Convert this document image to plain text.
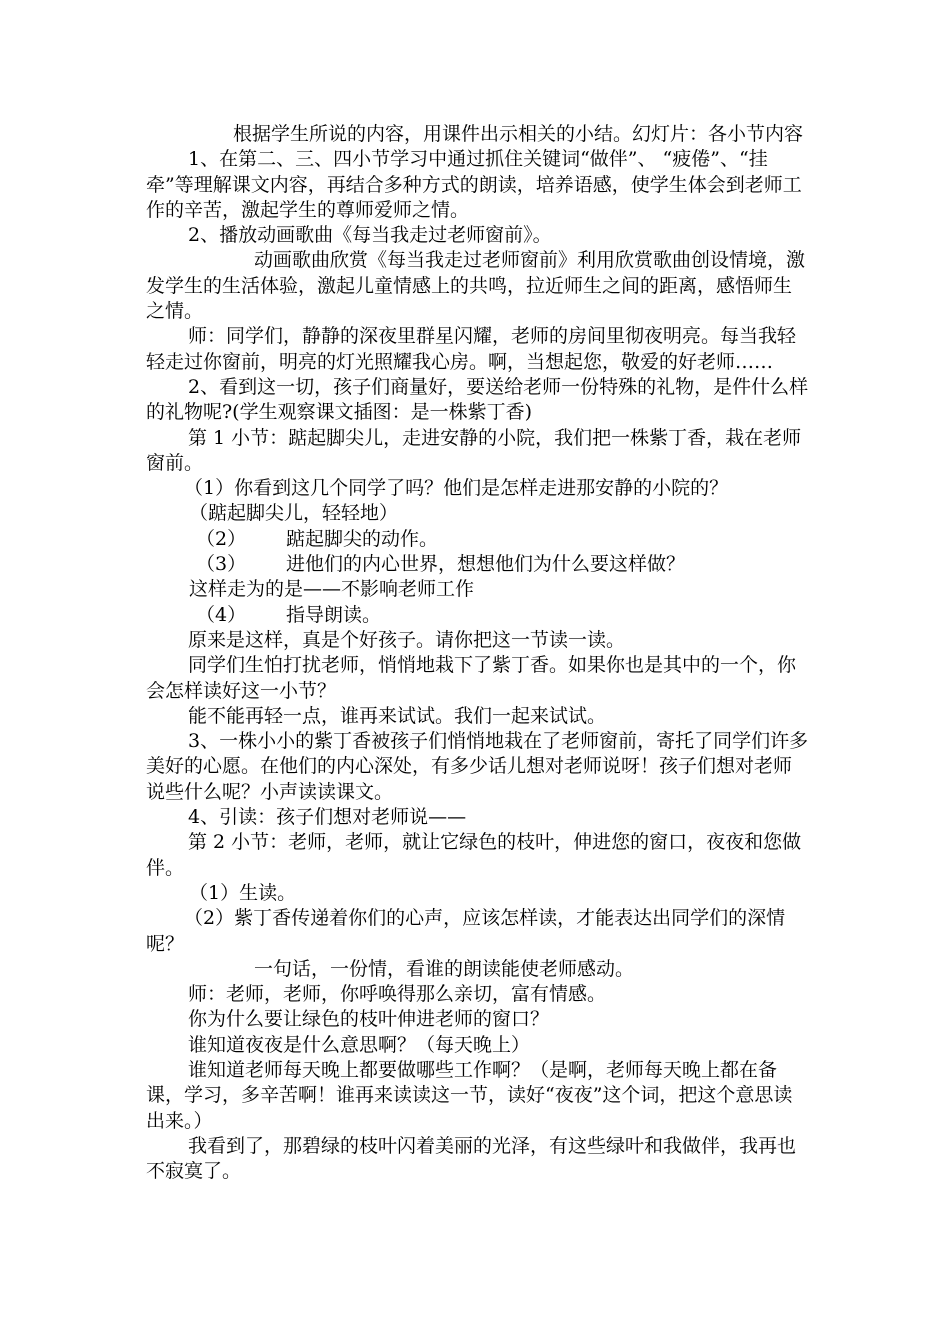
根据学生所说的内容，用课件出示相关的小结。幻灯片：各小节内容

1、在第二、三、四小节学习中通过抓住关键词“做伴”、 “疲倦”、“挂牵”等理解课文内容，再结合多种方式的朗读，培养语感，使学生体会到老师工作的辛苦，激起学生的尊师爱师之情。

2、播放动画歌曲《每当我走过老师窗前》。

动画歌曲欣赏《每当我走过老师窗前》利用欣赏歌曲创设情境，激发学生的生活体验，激起儿童情感上的共鸣，拉近师生之间的距离，感悟师生之情。

师：同学们，静静的深夜里群星闪耀，老师的房间里彻夜明亮。每当我轻轻走过你窗前，明亮的灯光照耀我心房。啊，当想起您，敬爱的好老师……

2、看到这一切，孩子们商量好，要送给老师一份特殊的礼物，是件什么样的礼物呢?(学生观察课文插图：是一株紫丁香)

第 1 小节：踮起脚尖儿，走进安静的小院，我们把一株紫丁香，栽在老师窗前。

（1）你看到这几个同学了吗？他们是怎样走进那安静的小院的？

（踮起脚尖儿，轻轻地）

（2） 踮起脚尖的动作。

（3） 进他们的内心世界，想想他们为什么要这样做？

这样走为的是——不影响老师工作

（4） 指导朗读。

原来是这样，真是个好孩子。请你把这一节读一读。

同学们生怕打扰老师，悄悄地栽下了紫丁香。如果你也是其中的一个，你会怎样读好这一小节？

能不能再轻一点，谁再来试试。我们一起来试试。

3、一株小小的紫丁香被孩子们悄悄地栽在了老师窗前，寄托了同学们许多美好的心愿。在他们的内心深处，有多少话儿想对老师说呀！孩子们想对老师说些什么呢？小声读读课文。

4、引读：孩子们想对老师说——

第 2 小节：老师，老师，就让它绿色的枝叶，伸进您的窗口，夜夜和您做伴。

（1）生读。

（2）紫丁香传递着你们的心声，应该怎样读，才能表达出同学们的深情呢？

一句话，一份情，看谁的朗读能使老师感动。

师：老师，老师，你呼唤得那么亲切，富有情感。

你为什么要让绿色的枝叶伸进老师的窗口？

谁知道夜夜是什么意思啊？（每天晚上）

谁知道老师每天晚上都要做哪些工作啊？（是啊，老师每天晚上都在备课，学习，多辛苦啊！谁再来读读这一节，读好“夜夜”这个词，把这个意思读出来。）

我看到了，那碧绿的枝叶闪着美丽的光泽，有这些绿叶和我做伴，我再也不寂寞了。
